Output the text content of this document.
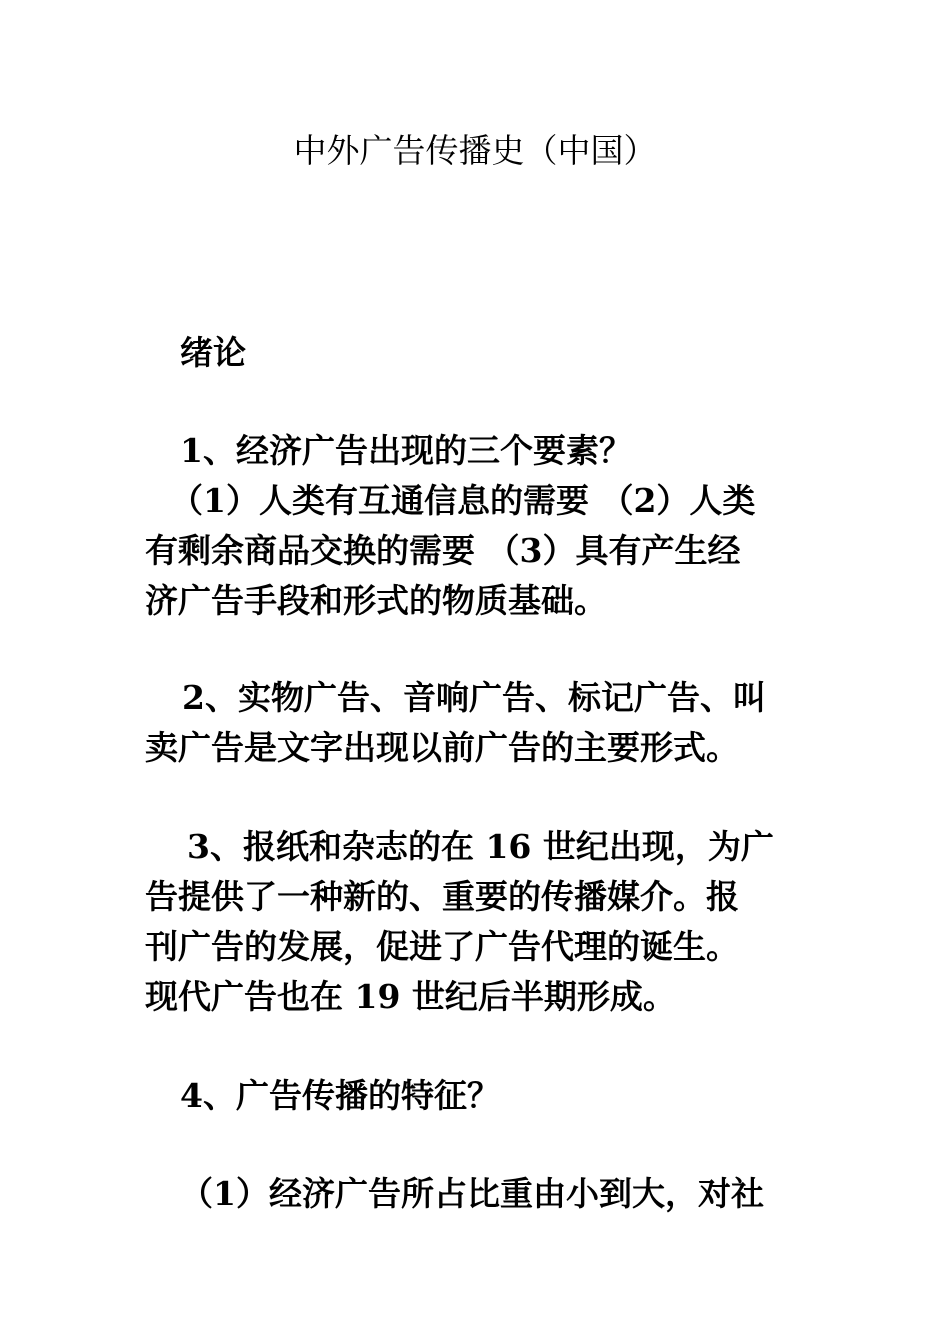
中外广告传播史（中国）
绪论
1、经济广告出现的三个要素？
（1）人类有互通信息的需要 （2）人类
有剩余商品交换的需要 （3）具有产生经
济广告手段和形式的物质基础。
2、实物广告、音响广告、标记广告、叫
卖广告是文字出现以前广告的主要形式。
3、报纸和杂志的在 16 世纪出现，为广
告提供了一种新的、重要的传播媒介。报
刊广告的发展，促进了广告代理的诞生。
现代广告也在 19 世纪后半期形成。
4、广告传播的特征？
（1）经济广告所占比重由小到大，对社
